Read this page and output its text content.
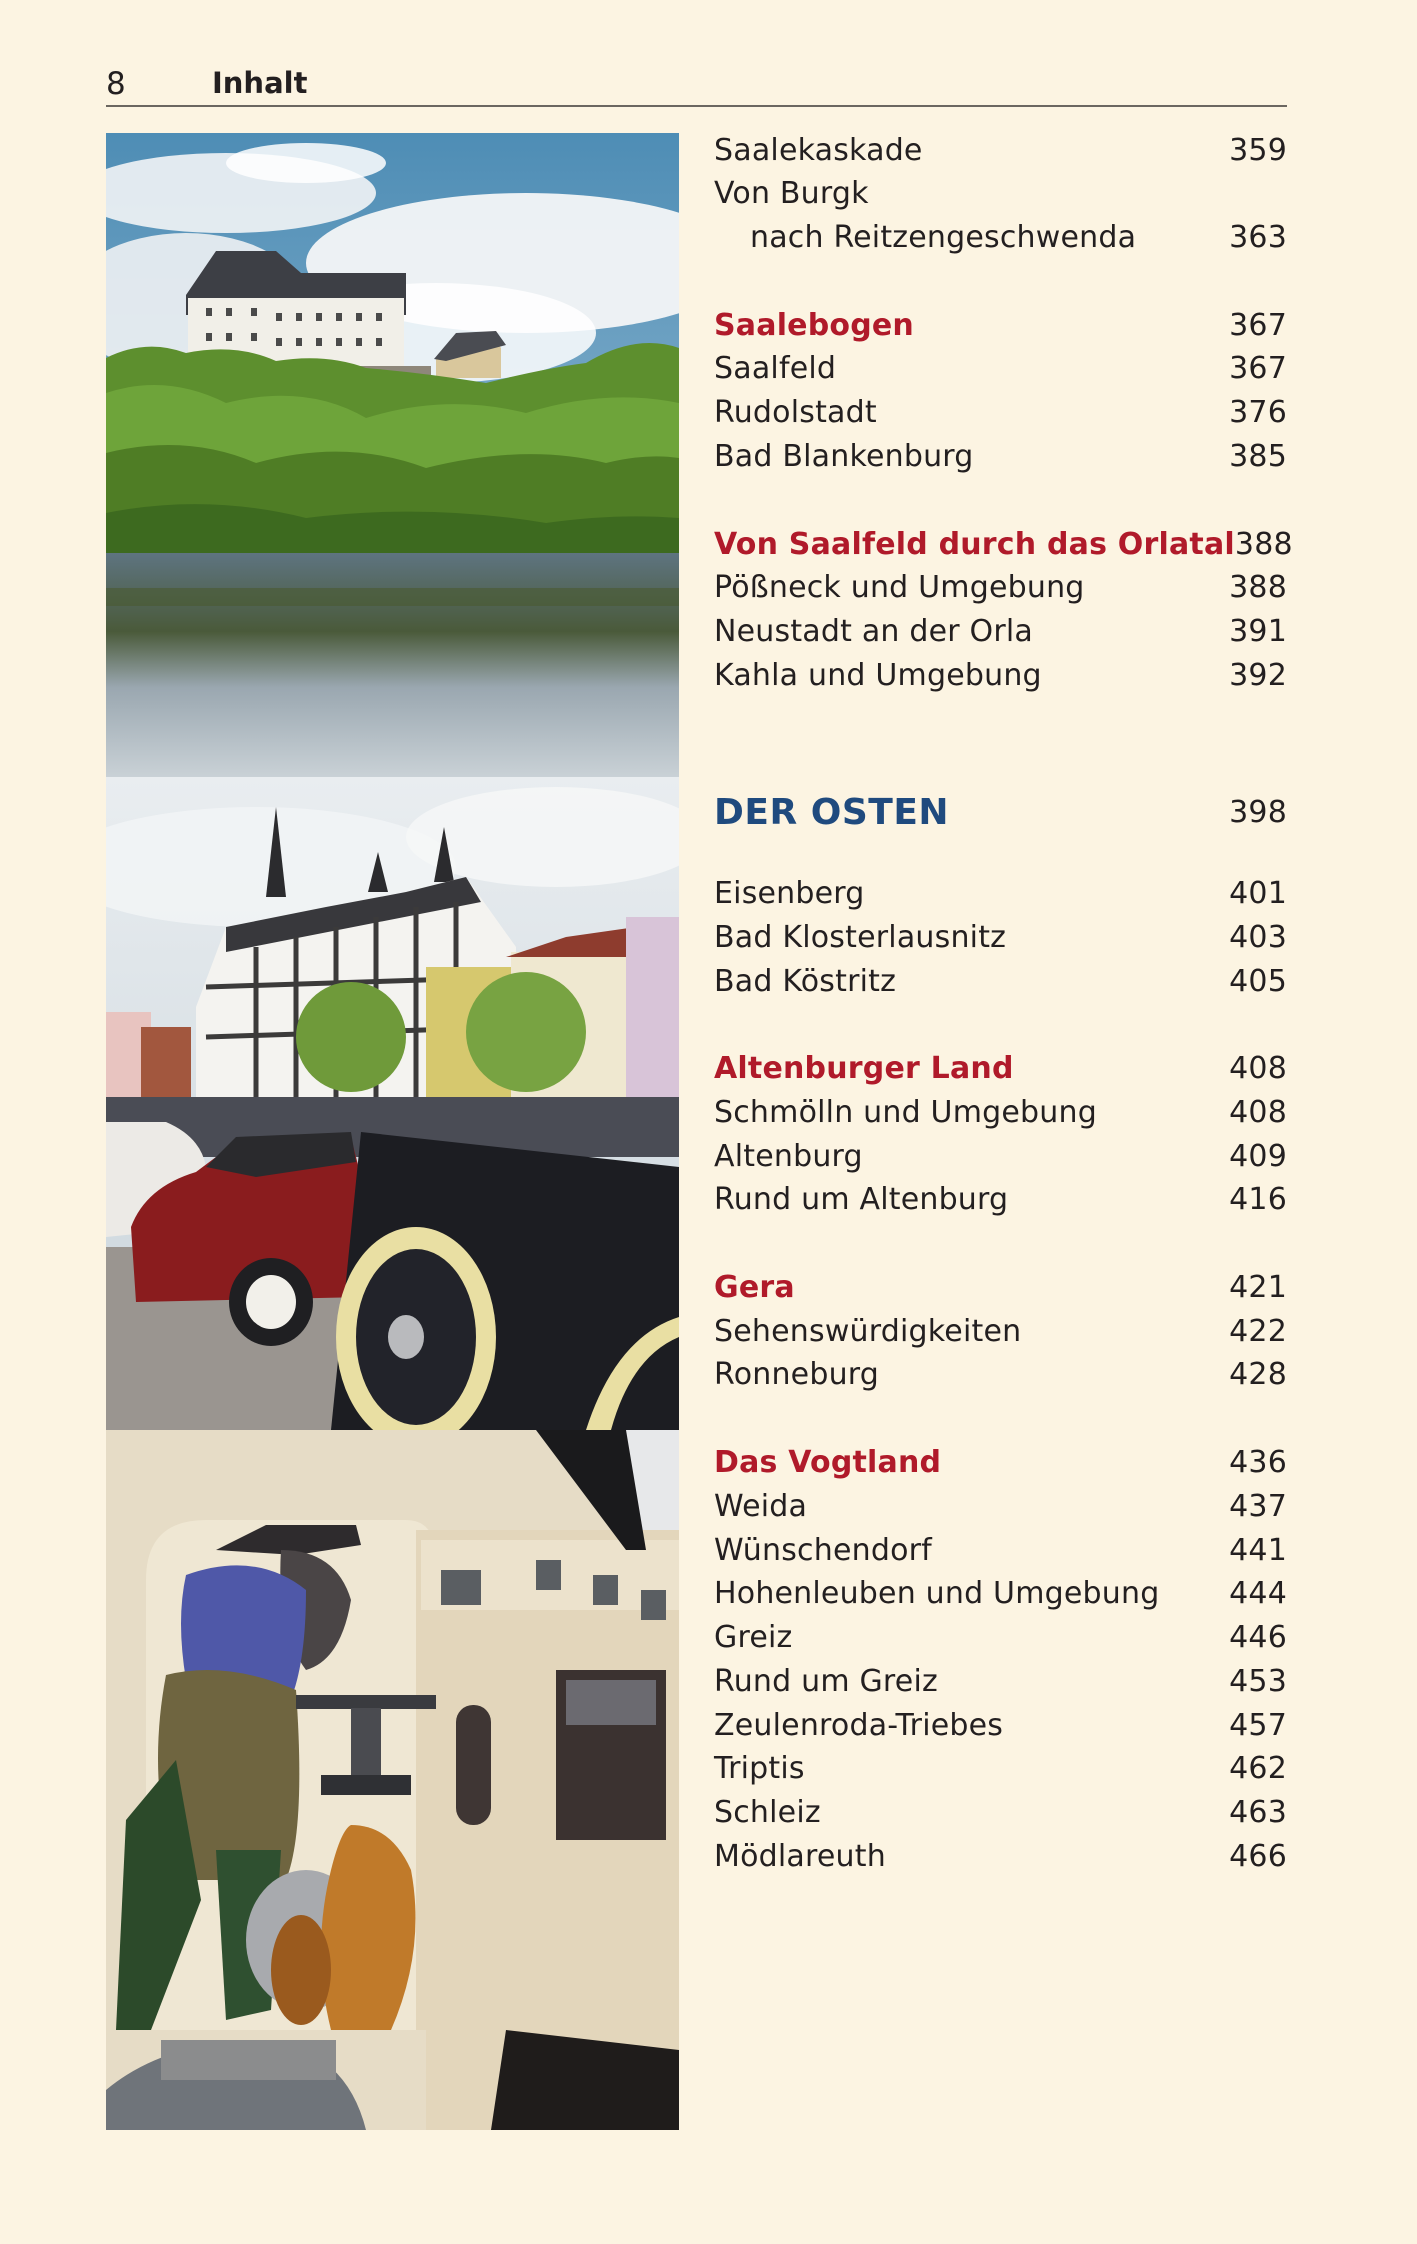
8	Inhalt
Saalekaskade	359
Von Burgk
nach Reitzengeschwenda	363
Saalebogen	367
Saalfeld	367
Rudolstadt	376
Bad Blankenburg	385
Von Saalfeld durch das Orlatal 388
Pößneck und Umgebung	388
Neustadt an der Orla	391
Kahla und Umgebung	392
DER OSTEN	398
Eisenberg	401
Bad Klosterlausnitz	403
Bad Köstritz	405
Altenburger Land	408
Schmölln und Umgebung	408
Altenburg	409
Rund um Altenburg	416
Gera	421
Sehenswürdigkeiten	422
Ronneburg	428
Das Vogtland	436
Weida	437
Wünschendorf	441
Hohenleuben und Umgebung 444
Greiz	446
Rund um Greiz	453
Zeulenroda-Triebes	457
Triptis	462
Schleiz	463
Mödlareuth	466
